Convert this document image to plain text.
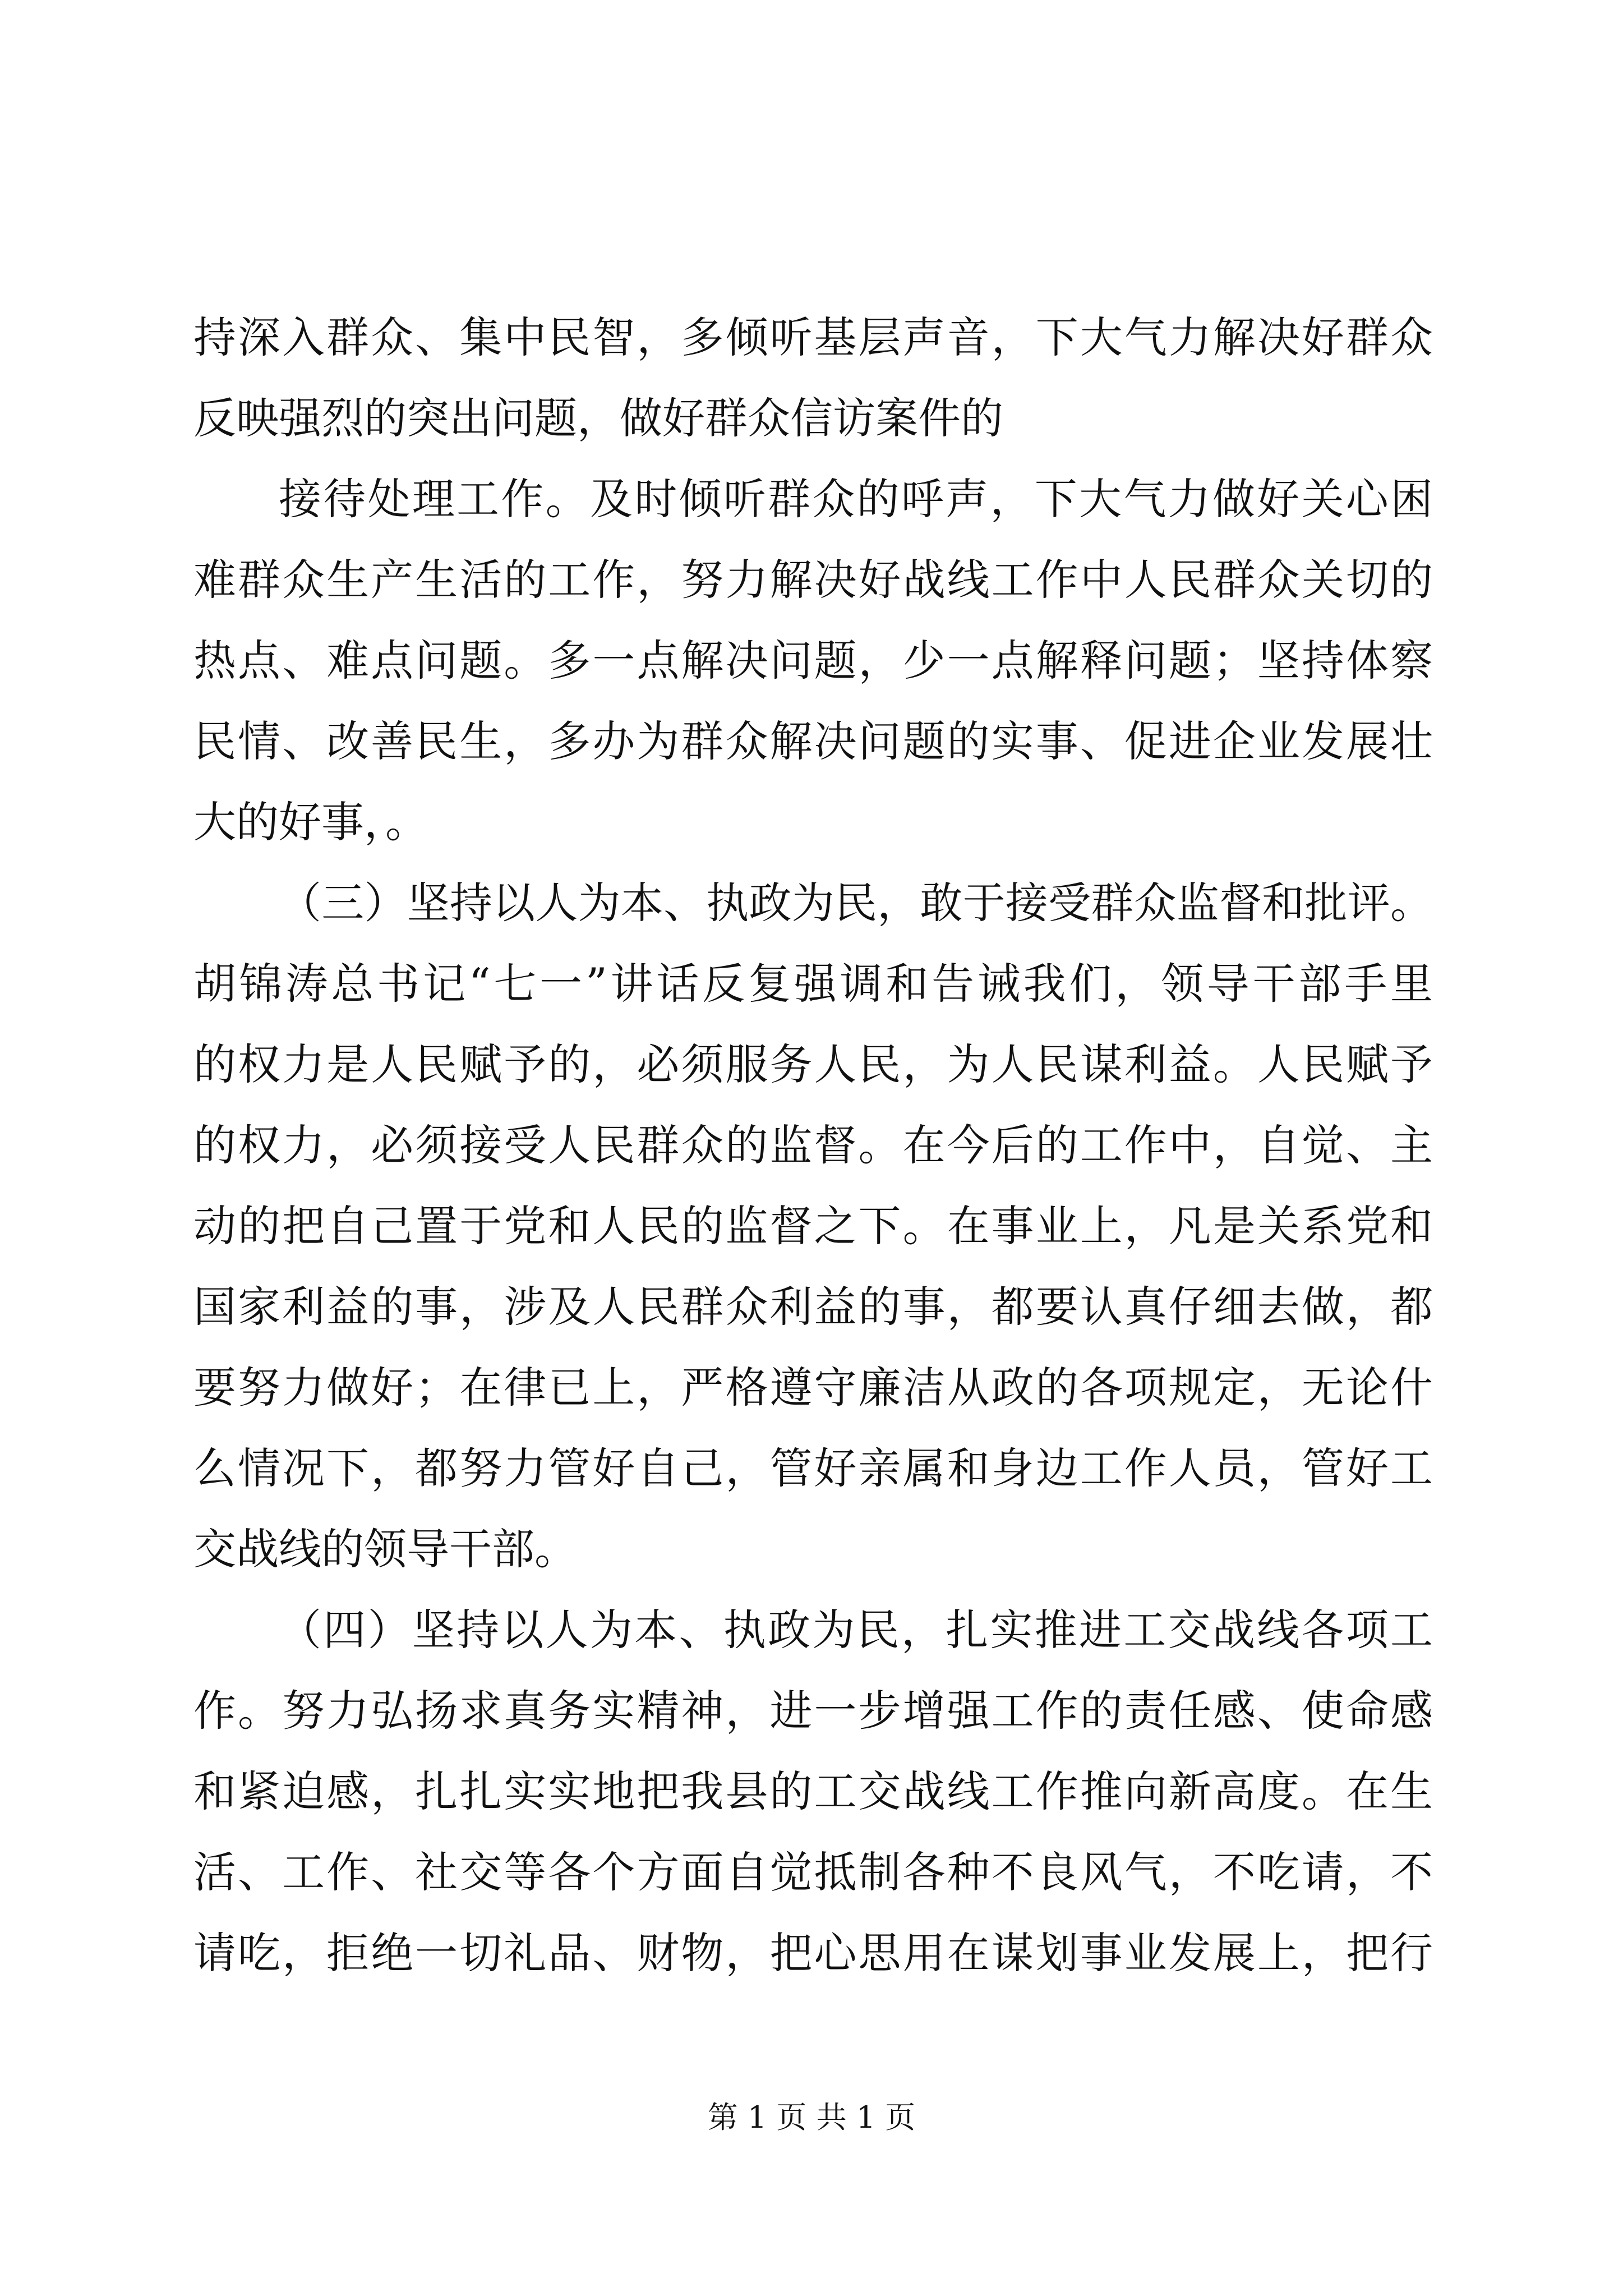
持深入群众、集中民智，多倾听基层声音，下大气力解决好群众
反映强烈的突出问题，做好群众信访案件的
接待处理工作。及时倾听群众的呼声，下大气力做好关心困
难群众生产生活的工作，努力解决好战线工作中人民群众关切的
热点、难点问题。多一点解决问题，少一点解释问题；坚持体察
民情、改善民生，多办为群众解决问题的实事、促进企业发展壮
大的好事，。
（三）坚持以人为本、执政为民，敢于接受群众监督和批评。
胡锦涛总书记“七一”讲话反复强调和告诫我们，领导干部手里
的权力是人民赋予的，必须服务人民，为人民谋利益。人民赋予
的权力，必须接受人民群众的监督。在今后的工作中，自觉、主
动的把自己置于党和人民的监督之下。在事业上，凡是关系党和
国家利益的事，涉及人民群众利益的事，都要认真仔细去做，都
要努力做好；在律已上，严格遵守廉洁从政的各项规定，无论什
么情况下，都努力管好自己，管好亲属和身边工作人员，管好工
交战线的领导干部。
（四）坚持以人为本、执政为民，扎实推进工交战线各项工
作。努力弘扬求真务实精神，进一步增强工作的责任感、使命感
和紧迫感，扎扎实实地把我县的工交战线工作推向新高度。在生
活、工作、社交等各个方面自觉抵制各种不良风气，不吃请，不
请吃，拒绝一切礼品、财物，把心思用在谋划事业发展上，把行
第 1 页 共 1 页
